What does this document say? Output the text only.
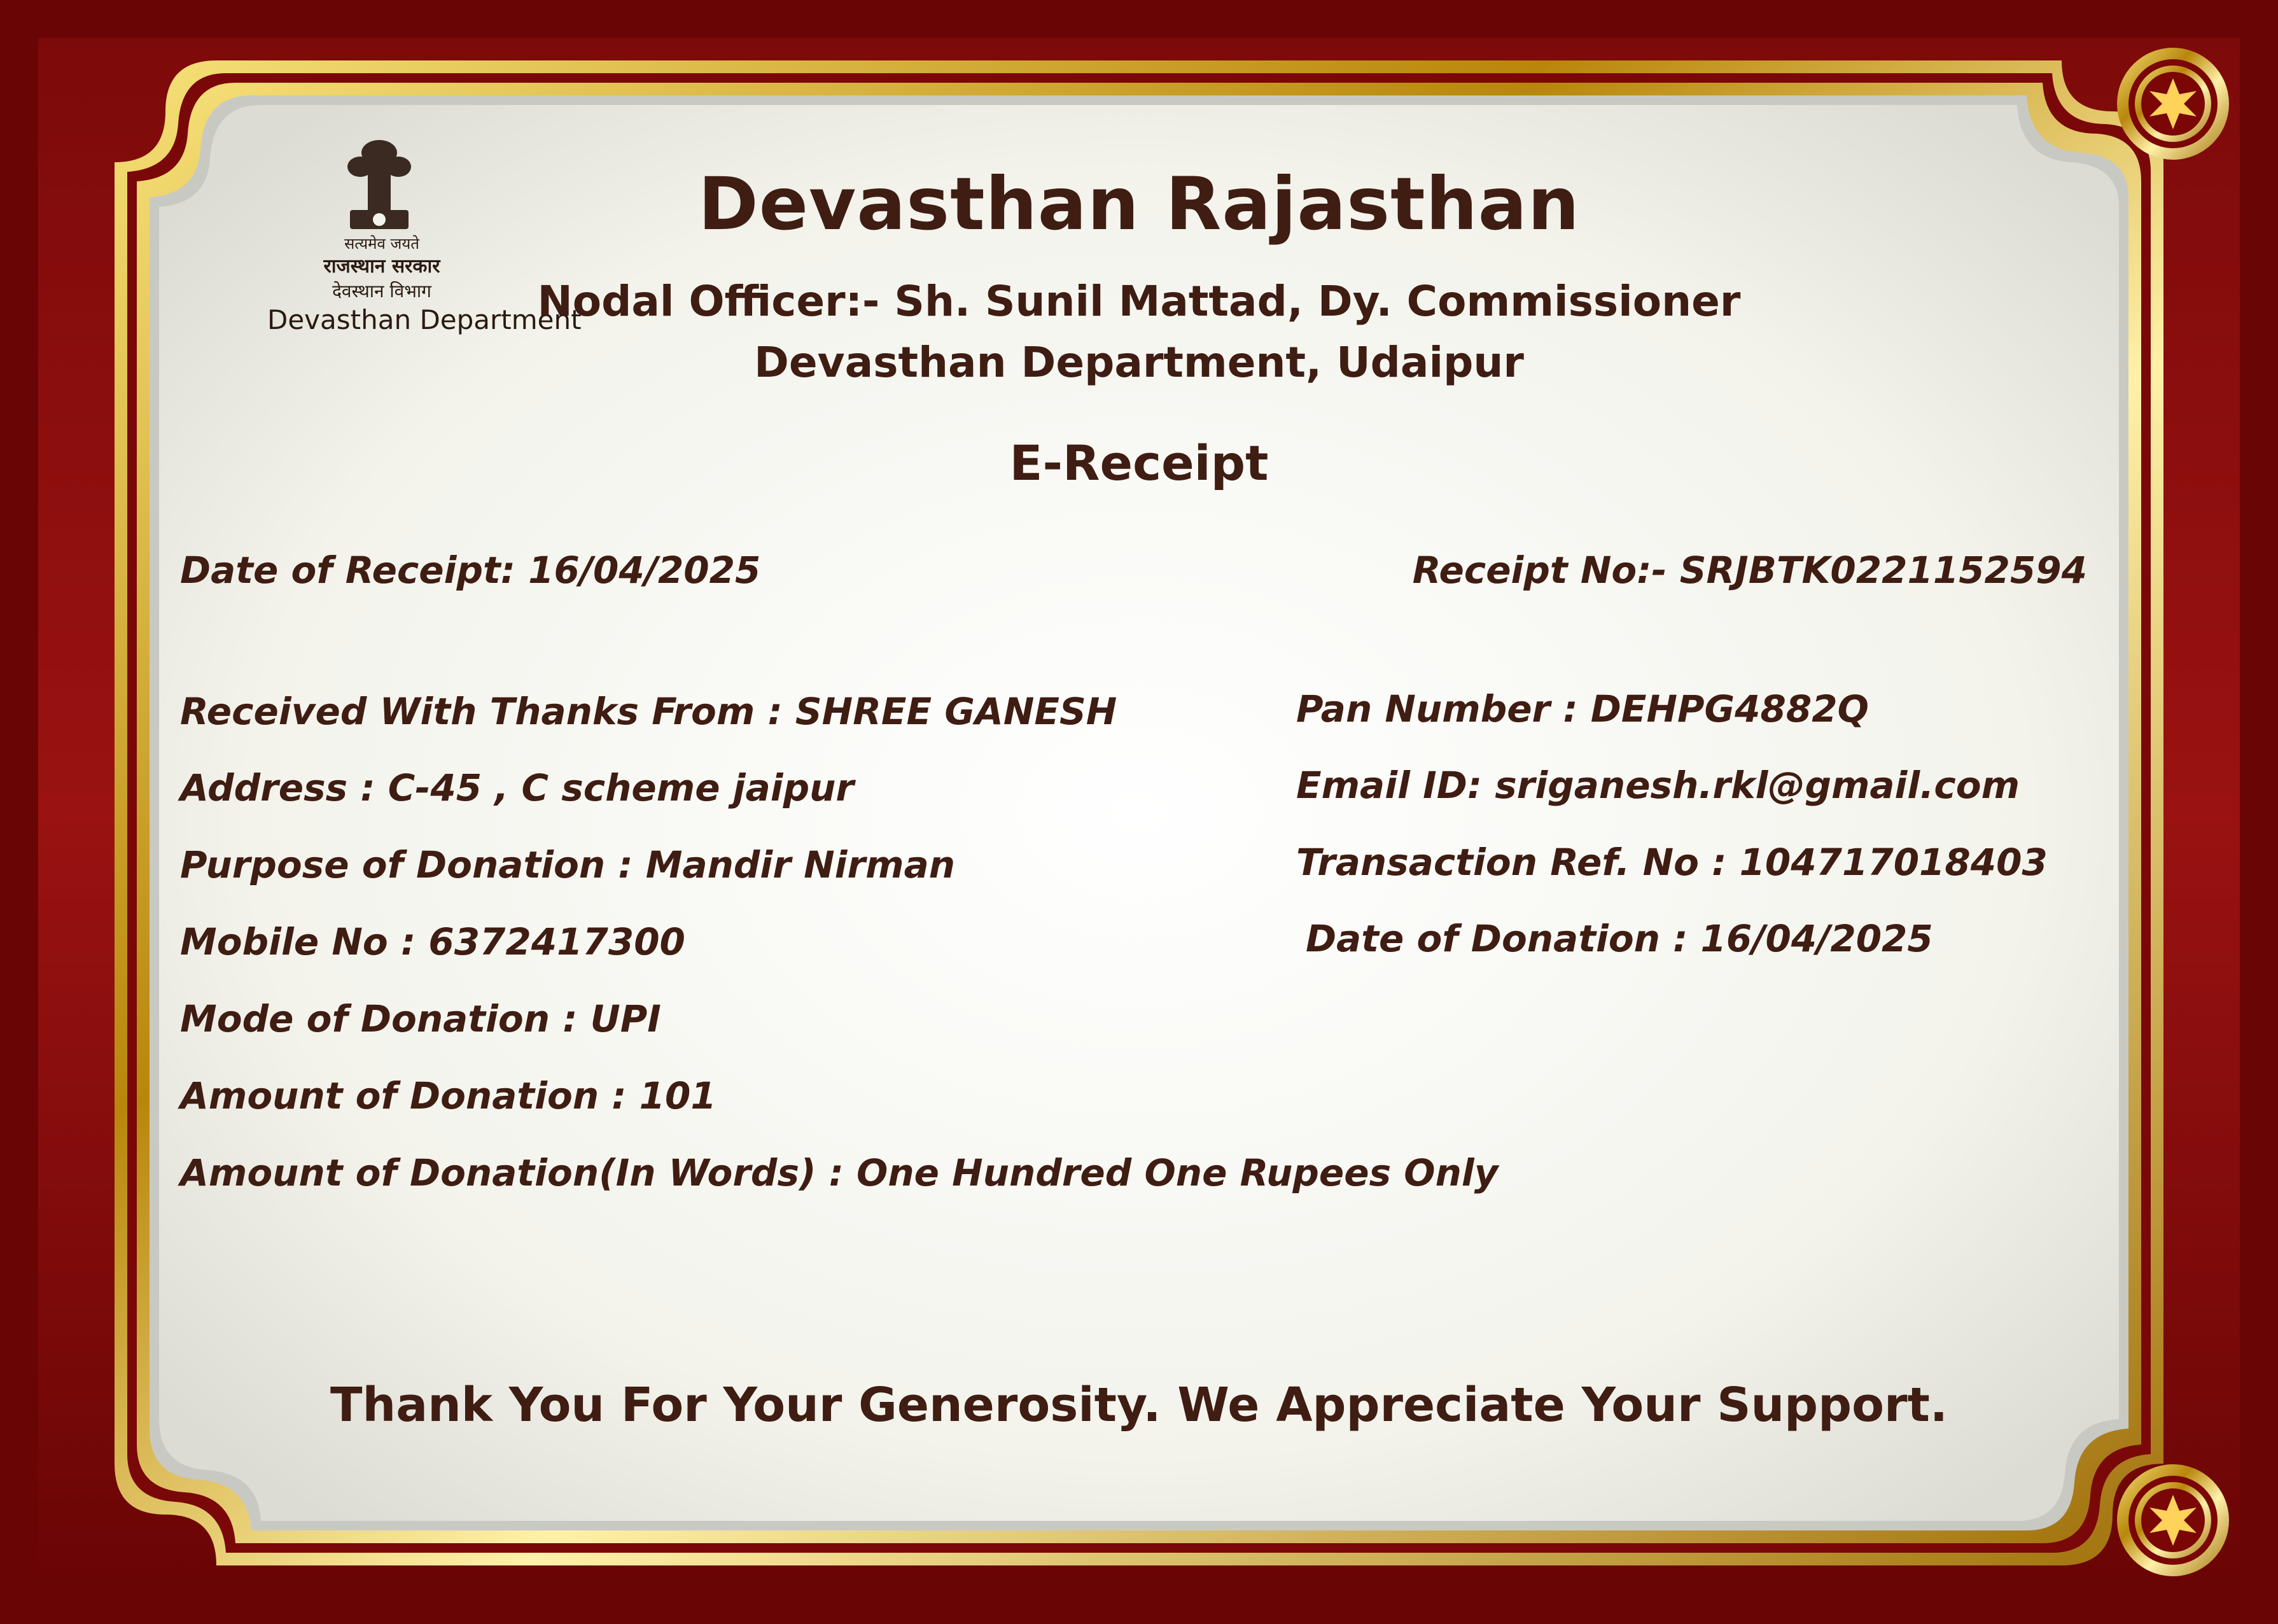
सत्यमेव जयते
राजस्थान सरकार
देवस्थान विभाग
Devasthan Department
Devasthan Rajasthan
Nodal Officer:- Sh. Sunil Mattad, Dy. Commissioner
Devasthan Department, Udaipur
E-Receipt
Date of Receipt: 16/04/2025	Receipt No:- SRJBTK0221152594
Received With Thanks From : SHREE GANESH
Address : C-45 , C scheme jaipur
Purpose of Donation : Mandir Nirman
Mobile No : 6372417300
Mode of Donation : UPI
Amount of Donation : 101
Amount of Donation(In Words) : One Hundred One Rupees Only
Pan Number : DEHPG4882Q
Email ID: sriganesh.rkl@gmail.com
Transaction Ref. No : 104717018403
Date of Donation : 16/04/2025
Thank You For Your Generosity. We Appreciate Your Support.
